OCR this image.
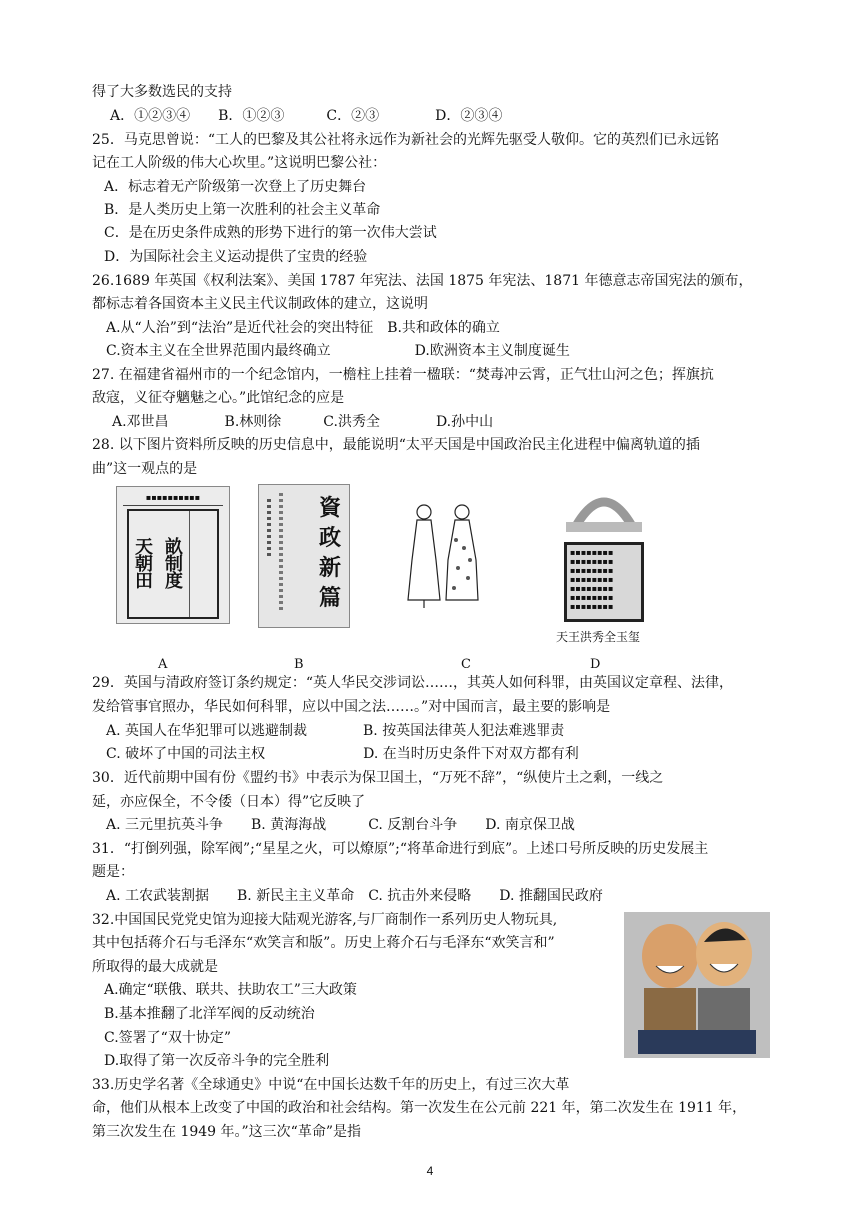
得了大多数选民的支持
A．①②③④　　B．①②③　　　C．②③　　　　D．②③④
25．马克思曾说：“工人的巴黎及其公社将永远作为新社会的光辉先驱受人敬仰。它的英烈们已永远铭
记在工人阶级的伟大心坎里。”这说明巴黎公社：
A．标志着无产阶级第一次登上了历史舞台
B．是人类历史上第一次胜利的社会主义革命
C．是在历史条件成熟的形势下进行的第一次伟大尝试
D．为国际社会主义运动提供了宝贵的经验
26.1689 年英国《权利法案》、美国 1787 年宪法、法国 1875 年宪法、1871 年德意志帝国宪法的颁布，
都标志着各国资本主义民主代议制政体的建立，这说明
A.从“人治”到“法治”是近代社会的突出特征　B.共和政体的确立
C.资本主义在全世界范围内最终确立　　　　　　D.欧洲资本主义制度诞生
27. 在福建省福州市的一个纪念馆内，一檐柱上挂着一楹联：“焚毒冲云霄，正气壮山河之色；挥旗抗
敌寇，义征夺魑魅之心。”此馆纪念的应是
A.邓世昌　　　　B.林则徐　　　C.洪秀全　　　　D.孙中山
28. 以下图片资料所反映的历史信息中，最能说明“太平天国是中国政治民主化进程中偏离轨道的插
曲”这一观点的是
29．英国与清政府签订条约规定：“英人华民交涉词讼……，其英人如何科罪，由英国议定章程、法律，
发给管事官照办，华民如何科罪，应以中国之法……。”对中国而言，最主要的影响是
A. 英国人在华犯罪可以逃避制裁　　　　B. 按英国法律英人犯法难逃罪责
C. 破坏了中国的司法主权　　　　　　　D. 在当时历史条件下对双方都有利
30．近代前期中国有份《盟约书》中表示为保卫国土，“万死不辞”，“纵使片土之剩，一线之
延，亦应保全，不令倭（日本）得”它反映了
A. 三元里抗英斗争　　B. 黄海海战　　　C. 反割台斗争　　D. 南京保卫战
31．“打倒列强，除军阀”;“星星之火，可以燎原”;“将革命进行到底”。上述口号所反映的历史发展主
题是：
A. 工农武装割据　　B. 新民主主义革命　C. 抗击外来侵略　　D. 推翻国民政府
32.中国国民党党史馆为迎接大陆观光游客,与厂商制作一系列历史人物玩具,
其中包括蒋介石与毛泽东“欢笑言和版”。历史上蒋介石与毛泽东“欢笑言和”
所取得的最大成就是
A.确定“联俄、联共、扶助农工”三大政策
B.基本推翻了北洋军阀的反动统治
C.签署了“双十协定”
D.取得了第一次反帝斗争的完全胜利
33.历史学名著《全球通史》中说“在中国长达数千年的历史上，有过三次大革
命，他们从根本上改变了中国的政治和社会结构。第一次发生在公元前 221 年，第二次发生在 1911 年，
第三次发生在 1949 年。”这三次“革命”是指
▪▪▪▪▪▪▪▪▪▪
天
朝
田
畝
制
度
資
政
新
篇
▪▪▪▪▪▪▪▪
▪▪▪▪▪▪▪▪
▪▪▪▪▪▪▪▪
▪▪▪▪▪▪▪▪
▪▪▪▪▪▪▪▪
▪▪▪▪▪▪▪▪
▪▪▪▪▪▪▪▪
天王洪秀全玉玺
A	B	C	D
4
